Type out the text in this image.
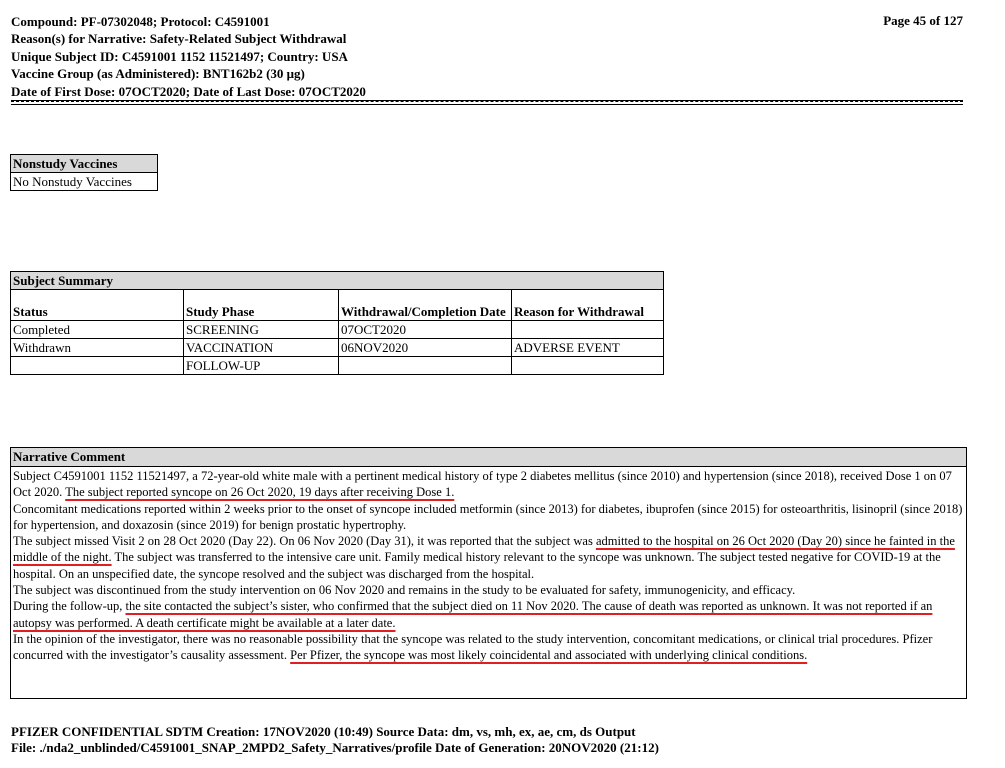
Compound: PF-07302048; Protocol: C4591001
Reason(s) for Narrative: Safety-Related Subject Withdrawal
Unique Subject ID: C4591001 1152 11521497; Country: USA
Vaccine Group (as Administered): BNT162b2 (30 μg)
Date of First Dose: 07OCT2020; Date of Last Dose: 07OCT2020
Page 45 of 127
Nonstudy Vaccines
No Nonstudy Vaccines
Subject Summary			
Status	Study Phase	Withdrawal/Completion Date	Reason for Withdrawal
Completed	SCREENING	07OCT2020	
Withdrawn	VACCINATION	06NOV2020	ADVERSE EVENT
	FOLLOW-UP		
Narrative Comment
Subject C4591001 1152 11521497, a 72-year-old white male with a pertinent medical history of type 2 diabetes mellitus (since 2010) and hypertension (since 2018), received Dose 1 on 07 Oct 2020. The subject reported syncope on 26 Oct 2020, 19 days after receiving Dose 1.
Concomitant medications reported within 2 weeks prior to the onset of syncope included metformin (since 2013) for diabetes, ibuprofen (since 2015) for osteoarthritis, lisinopril (since 2018) for hypertension, and doxazosin (since 2019) for benign prostatic hypertrophy.
The subject missed Visit 2 on 28 Oct 2020 (Day 22). On 06 Nov 2020 (Day 31), it was reported that the subject was admitted to the hospital on 26 Oct 2020 (Day 20) since he fainted in the middle of the night. The subject was transferred to the intensive care unit. Family medical history relevant to the syncope was unknown. The subject tested negative for COVID-19 at the hospital. On an unspecified date, the syncope resolved and the subject was discharged from the hospital.
The subject was discontinued from the study intervention on 06 Nov 2020 and remains in the study to be evaluated for safety, immunogenicity, and efficacy.
During the follow-up, the site contacted the subject’s sister, who confirmed that the subject died on 11 Nov 2020. The cause of death was reported as unknown. It was not reported if an autopsy was performed. A death certificate might be available at a later date.
In the opinion of the investigator, there was no reasonable possibility that the syncope was related to the study intervention, concomitant medications, or clinical trial procedures. Pfizer concurred with the investigator’s causality assessment. Per Pfizer, the syncope was most likely coincidental and associated with underlying clinical conditions.
PFIZER CONFIDENTIAL SDTM Creation: 17NOV2020 (10:49) Source Data: dm, vs, mh, ex, ae, cm, ds Output
File: ./nda2_unblinded/C4591001_SNAP_2MPD2_Safety_Narratives/profile Date of Generation: 20NOV2020 (21:12)
